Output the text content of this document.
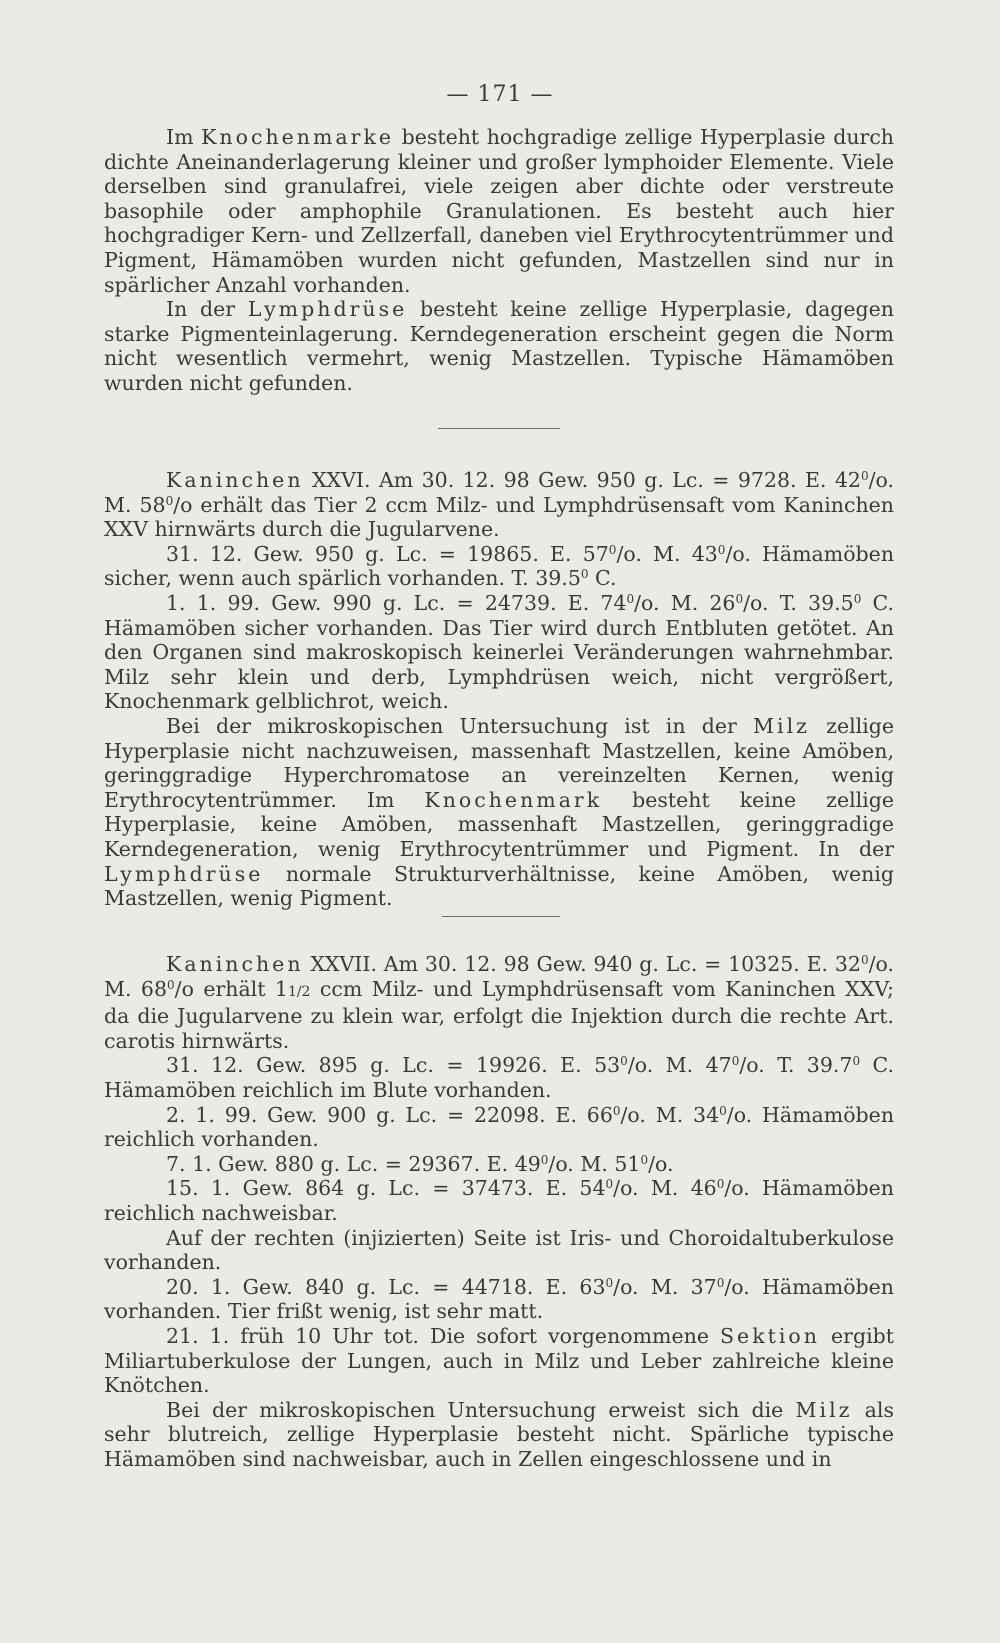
— 171 —

Im Knochenmarke besteht hochgradige zellige Hyperplasie durch dichte Aneinanderlagerung kleiner und großer lymphoider Elemente. Viele derselben sind granulafrei, viele zeigen aber dichte oder verstreute basophile oder amphophile Granulationen. Es besteht auch hier hochgradiger Kern- und Zellzerfall, daneben viel Erythrocytentrümmer und Pigment, Hämamöben wurden nicht gefunden, Mastzellen sind nur in spärlicher Anzahl vorhanden.

In der Lymphdrüse besteht keine zellige Hyperplasie, dagegen starke Pigmenteinlagerung. Kerndegeneration erscheint gegen die Norm nicht wesentlich vermehrt, wenig Mastzellen. Typische Hämamöben wurden nicht gefunden.

Kaninchen XXVI. Am 30. 12. 98 Gew. 950 g. Lc. = 9728. E. $42^0/o$. M. $58^0/o$ erhält das Tier 2 ccm Milz- und Lymphdrüsensaft vom Kaninchen XXV hirnwärts durch die Jugularvene.

31. 12. Gew. 950 g. Lc. = 19865. E. $57^0/o$. M. $43^0/o$. Hämamöben sicher, wenn auch spärlich vorhanden. T. 39.5$^0$ C.

1. 1. 99. Gew. 990 g. Lc. = 24739. E. $74^0/o$. M. $26^0/o$. T. 39.5$^0$ C. Hämamöben sicher vorhanden. Das Tier wird durch Entbluten getötet. An den Organen sind makroskopisch keinerlei Veränderungen wahrnehmbar. Milz sehr klein und derb, Lymphdrüsen weich, nicht vergrößert, Knochenmark gelblichrot, weich.

Bei der mikroskopischen Untersuchung ist in der Milz zellige Hyperplasie nicht nachzuweisen, massenhaft Mastzellen, keine Amöben, geringgradige Hyperchromatose an vereinzelten Kernen, wenig Erythrocytentrümmer. Im Knochenmark besteht keine zellige Hyperplasie, keine Amöben, massenhaft Mastzellen, geringgradige Kerndegeneration, wenig Erythrocytentrümmer und Pigment. In der Lymphdrüse normale Strukturverhältnisse, keine Amöben, wenig Mastzellen, wenig Pigment.

Kaninchen XXVII. Am 30. 12. 98 Gew. 940 g. Lc. = 10325. E. $32^0/o$. M. $68^0/o$ erhält 11/2 ccm Milz- und Lymphdrüsensaft vom Kaninchen XXV; da die Jugularvene zu klein war, erfolgt die Injektion durch die rechte Art. carotis hirnwärts.

31. 12. Gew. 895 g. Lc. = 19926. E. $53^0/o$. M. $47^0/o$. T. 39.7$^0$ C. Hämamöben reichlich im Blute vorhanden.

2. 1. 99. Gew. 900 g. Lc. = 22098. E. $66^0/o$. M. $34^0/o$. Hämamöben reichlich vorhanden.

7. 1. Gew. 880 g. Lc. = 29367. E. $49^0/o$. M. $51^0/o$.

15. 1. Gew. 864 g. Lc. = 37473. E. $54^0/o$. M. $46^0/o$. Hämamöben reichlich nachweisbar.

Auf der rechten (injizierten) Seite ist Iris- und Choroidaltuberkulose vorhanden.

20. 1. Gew. 840 g. Lc. = 44718. E. $63^0/o$. M. $37^0/o$. Hämamöben vorhanden. Tier frißt wenig, ist sehr matt.

21. 1. früh 10 Uhr tot. Die sofort vorgenommene Sektion ergibt Miliartuberkulose der Lungen, auch in Milz und Leber zahlreiche kleine Knötchen.

Bei der mikroskopischen Untersuchung erweist sich die Milz als sehr blutreich, zellige Hyperplasie besteht nicht. Spärliche typische Hämamöben sind nachweisbar, auch in Zellen eingeschlossene und in
